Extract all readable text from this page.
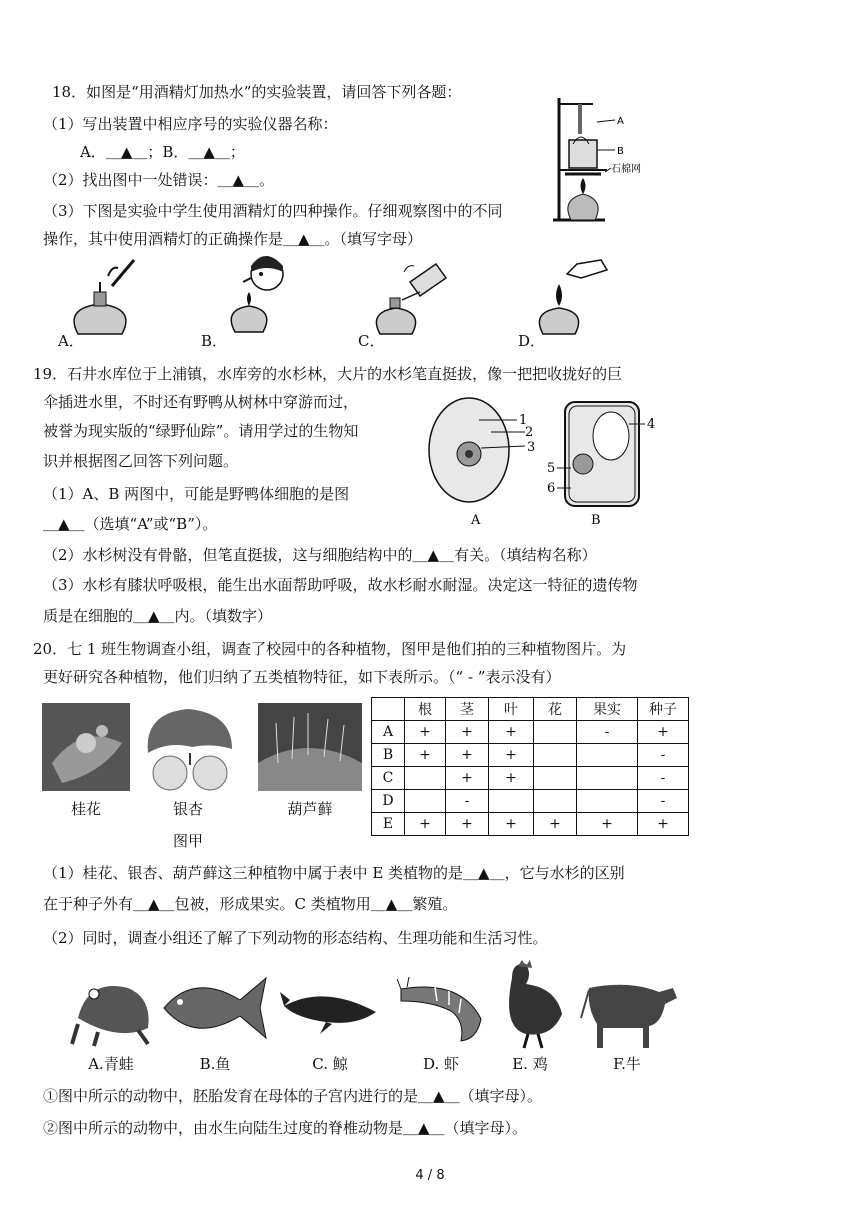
18．如图是“用酒精灯加热水”的实验装置，请回答下列各题：
（1）写出装置中相应序号的实验仪器名称：
A．＿▲＿；B．＿▲＿；
（2）找出图中一处错误：＿▲＿。
（3）下图是实验中学生使用酒精灯的四种操作。仔细观察图中的不同
操作，其中使用酒精灯的正确操作是＿▲＿。（填写字母）
A
B
石棉网
A．	B．	C．	D．
19．石井水库位于上浦镇，水库旁的水杉林，大片的水杉笔直挺拔，像一把把收拢好的巨
伞插进水里，不时还有野鸭从树林中穿游而过，
被誉为现实版的“绿野仙踪”。请用学过的生物知
识并根据图乙回答下列问题。
（1）A、B 两图中，可能是野鸭体细胞的是图
＿▲＿（选填“A”或“B”）。
（2）水杉树没有骨骼，但笔直挺拔，这与细胞结构中的＿▲＿有关。（填结构名称）
（3）水杉有膝状呼吸根，能生出水面帮助呼吸，故水杉耐水耐湿。决定这一特征的遗传物
质是在细胞的＿▲＿内。（填数字）
1
2
3
4
5
6
A	B
20．七 1 班生物调查小组，调查了校园中的各种植物，图甲是他们拍的三种植物图片。为
更好研究各种植物，他们归纳了五类植物特征，如下表所示。（“ - ”表示没有）
桂花	银杏
图甲
葫芦藓
	根	茎	叶	花	果实	种子
A	+	+	+		-	+
B	+	+	+			-
C		+	+			-
D		-				-
E	+	+	+	+	+	+
（1）桂花、银杏、葫芦藓这三种植物中属于表中 E 类植物的是＿▲＿，它与水杉的区别
在于种子外有＿▲＿包被，形成果实。C 类植物用＿▲＿繁殖。
（2）同时，调查小组还了解了下列动物的形态结构、生理功能和生活习性。
A.青蛙	B.鱼	C. 鲸	D. 虾	E. 鸡	F.牛
①图中所示的动物中，胚胎发育在母体的子宫内进行的是＿▲＿（填字母）。
②图中所示的动物中，由水生向陆生过度的脊椎动物是＿▲＿（填字母）。
4 / 8
